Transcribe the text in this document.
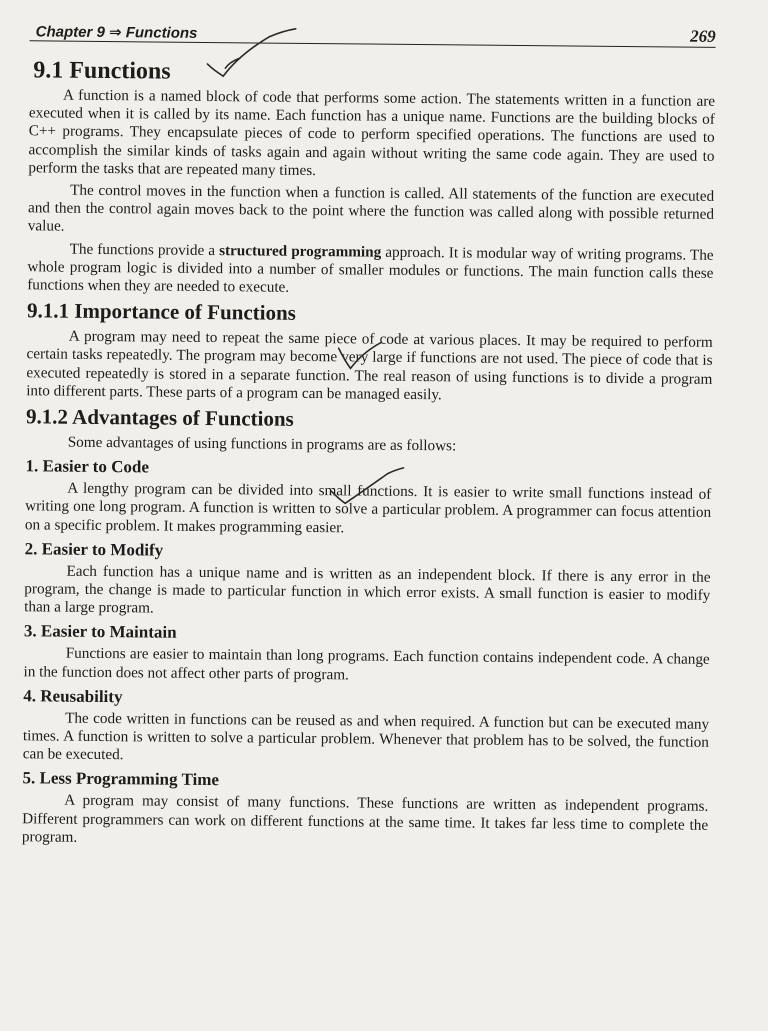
Chapter 9 ⇒ Functions	269
9.1 Functions

A function is a named block of code that performs some action. The statements written in a function are executed when it is called by its name. Each function has a unique name. Functions are the building blocks of C++ programs. They encapsulate pieces of code to perform specified operations. The functions are used to accomplish the similar kinds of tasks again and again without writing the same code again. They are used to perform the tasks that are repeated many times.

The control moves in the function when a function is called. All statements of the function are executed and then the control again moves back to the point where the function was called along with possible returned value.

The functions provide a structured programming approach. It is modular way of writing programs. The whole program logic is divided into a number of smaller modules or functions. The main function calls these functions when they are needed to execute.

9.1.1 Importance of Functions

A program may need to repeat the same piece of code at various places. It may be required to perform certain tasks repeatedly. The program may become very large if functions are not used. The piece of code that is executed repeatedly is stored in a separate function. The real reason of using functions is to divide a program into different parts. These parts of a program can be managed easily.

9.1.2 Advantages of Functions

Some advantages of using functions in programs are as follows:

1. Easier to Code

A lengthy program can be divided into small functions. It is easier to write small functions instead of writing one long program. A function is written to solve a particular problem. A programmer can focus attention on a specific problem. It makes programming easier.

2. Easier to Modify

Each function has a unique name and is written as an independent block. If there is any error in the program, the change is made to particular function in which error exists. A small function is easier to modify than a large program.

3. Easier to Maintain

Functions are easier to maintain than long programs. Each function contains independent code. A change in the function does not affect other parts of program.

4. Reusability

The code written in functions can be reused as and when required. A function but can be executed many times. A function is written to solve a particular problem. Whenever that problem has to be solved, the function can be executed.

5. Less Programming Time

A program may consist of many functions. These functions are written as independent programs. Different programmers can work on different functions at the same time. It takes far less time to complete the program.
